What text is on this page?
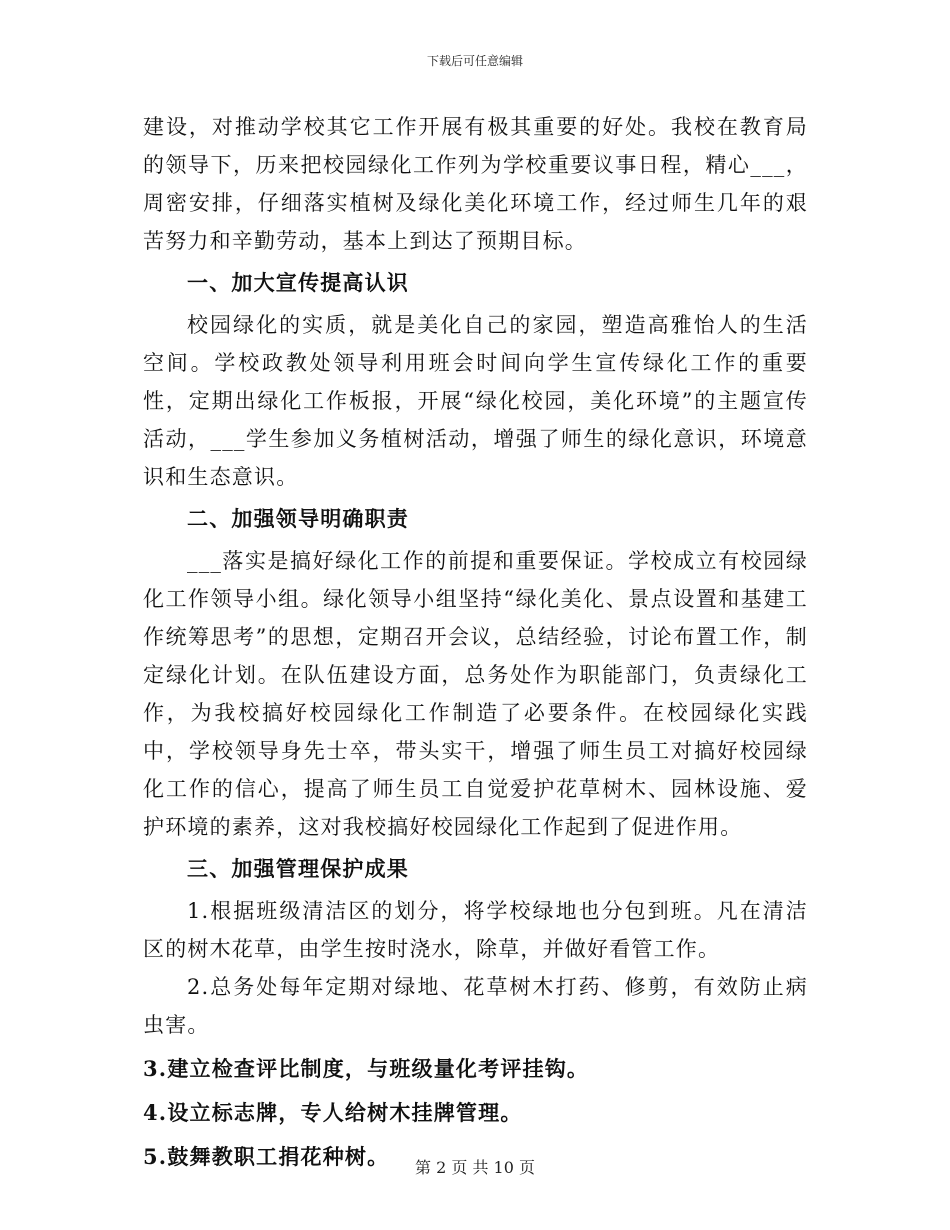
下载后可任意编辑

建设，对推动学校其它工作开展有极其重要的好处。我校在教育局的领导下，历来把校园绿化工作列为学校重要议事日程，精心___，周密安排，仔细落实植树及绿化美化环境工作，经过师生几年的艰苦努力和辛勤劳动，基本上到达了预期目标。

一、加大宣传提高认识

校园绿化的实质，就是美化自己的家园，塑造高雅怡人的生活空间。学校政教处领导利用班会时间向学生宣传绿化工作的重要性，定期出绿化工作板报，开展“绿化校园，美化环境”的主题宣传活动，___学生参加义务植树活动，增强了师生的绿化意识，环境意识和生态意识。

二、加强领导明确职责

___落实是搞好绿化工作的前提和重要保证。学校成立有校园绿化工作领导小组。绿化领导小组坚持“绿化美化、景点设置和基建工作统筹思考”的思想，定期召开会议，总结经验，讨论布置工作，制定绿化计划。在队伍建设方面，总务处作为职能部门，负责绿化工作，为我校搞好校园绿化工作制造了必要条件。在校园绿化实践中，学校领导身先士卒，带头实干，增强了师生员工对搞好校园绿化工作的信心，提高了师生员工自觉爱护花草树木、园林设施、爱护环境的素养，这对我校搞好校园绿化工作起到了促进作用。

三、加强管理保护成果

1.根据班级清洁区的划分，将学校绿地也分包到班。凡在清洁区的树木花草，由学生按时浇水，除草，并做好看管工作。

2.总务处每年定期对绿地、花草树木打药、修剪，有效防止病虫害。

3.建立检查评比制度，与班级量化考评挂钩。

4.设立标志牌，专人给树木挂牌管理。

5.鼓舞教职工捐花种树。	第 2 页 共 10 页
